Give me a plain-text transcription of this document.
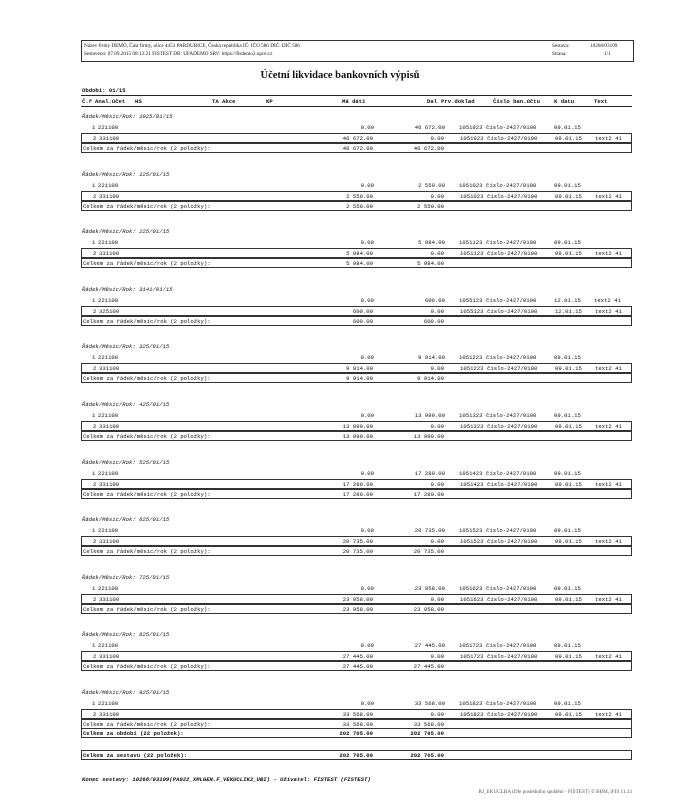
Název firmy DEMO, Část firmy, ulice 4453 PARDUBICE, Česká republika IČ: IČO 586 DIČ: DIČ 586
Sestaveno: 07.09.2015 08:12:21 FISTEST DB: UFADEMO SRV: https://fisdemo2.upce.cz
Sestava:	10268/03109
Strana:	1/1
Účetní likvidace bankovních výpisů
Období: 01/15
Č.ř Anal.účet HS	TA Akce	KP	Má dáti	Dal Prv.doklad	Číslo ban.účtu	K datu	Text
Řádek/Měsíc/Rok: 1025/01/15
1 221100	0.00	46 672.00	1051923 číslo-2427/0100	09.01.15
2 331100	46 672.00	0.00	1051923 číslo-2427/0100	09.01.15 text2 41
Celkem za řádek/měsíc/rok (2 položky):	46 672.00	46 672.00
Řádek/Měsíc/Rok: 125/01/15
1 221100	0.00	2 550.00	1051023 číslo-2427/0100	09.01.15
2 331100	2 550.00	0.00	1051023 číslo-2427/0100	09.01.15 text2 41
Celkem za řádek/měsíc/rok (2 položky):	2 550.00	2 550.00
Řádek/Měsíc/Rok: 225/01/15
1 221100	0.00	5 984.00	1051123 číslo-2427/0100	09.01.15
2 331100	5 984.00	0.00	1051123 číslo-2427/0100	09.01.15 text2 41
Celkem za řádek/měsíc/rok (2 položky):	5 984.00	5 984.00
Řádek/Měsíc/Rok: 3141/01/15
1 221100	0.00	600.00	1055123 číslo-2427/0100	12.01.15 text2 41
2 325100	600.00	0.00	1055123 číslo-2427/0100	12.01.15 text2 41
Celkem za řádek/měsíc/rok (2 položky):	600.00	600.00
Řádek/Měsíc/Rok: 325/01/15
1 221100	0.00	9 914.00	1051223 číslo-2427/0100	09.01.15
2 331100	9 914.00	0.00	1051223 číslo-2427/0100	09.01.15 text2 41
Celkem za řádek/měsíc/rok (2 položky):	9 914.00	9 914.00
Řádek/Měsíc/Rok: 425/01/15
1 221100	0.00	13 999.00	1051323 číslo-2427/0100	09.01.15
2 331100	13 999.00	0.00	1051323 číslo-2427/0100	09.01.15 text2 41
Celkem za řádek/měsíc/rok (2 položky):	13 999.00	13 999.00
Řádek/Měsíc/Rok: 525/01/15
1 221100	0.00	17 280.00	1051423 číslo-2427/0100	09.01.15
2 331100	17 280.00	0.00	1051423 číslo-2427/0100	09.01.15 text2 41
Celkem za řádek/měsíc/rok (2 položky):	17 280.00	17 280.00
Řádek/Měsíc/Rok: 625/01/15
1 221100	0.00	20 735.00	1051523 číslo-2427/0100	09.01.15
2 331100	20 735.00	0.00	1051523 číslo-2427/0100	09.01.15 text2 41
Celkem za řádek/měsíc/rok (2 položky):	20 735.00	20 735.00
Řádek/Měsíc/Rok: 725/01/15
1 221100	0.00	23 958.00	1051623 číslo-2427/0100	09.01.15
2 331100	23 958.00	0.00	1051623 číslo-2427/0100	09.01.15 text2 41
Celkem za řádek/měsíc/rok (2 položky):	23 958.00	23 958.00
Řádek/Měsíc/Rok: 825/01/15
1 221100	0.00	27 445.00	1051723 číslo-2427/0100	09.01.15
2 331100	27 445.00	0.00	1051723 číslo-2427/0100	09.01.15 text2 41
Celkem za řádek/měsíc/rok (2 položky):	27 445.00	27 445.00
Řádek/Měsíc/Rok: 925/01/15
1 221100	0.00	33 568.00	1051823 číslo-2427/0100	09.01.15
2 331100	33 568.00	0.00	1051823 číslo-2427/0100	09.01.15 text2 41
Celkem za řádek/měsíc/rok (2 položky):	33 568.00	33 568.00
Celkem za období (22 položek):	202 705.00	202 705.00
Celkem za sestavu (22 položek):	202 705.00	202 705.00
Konec sestavy: 10268/03109(PA022_XMLGEN.F_VEKUCLIK2_UBI) - Uživatel: FISTEST (FISTEST)
RJ_EKUCLBA (Dle posledního spuštění - FISTEST) © BBM, iFIS 11.13
